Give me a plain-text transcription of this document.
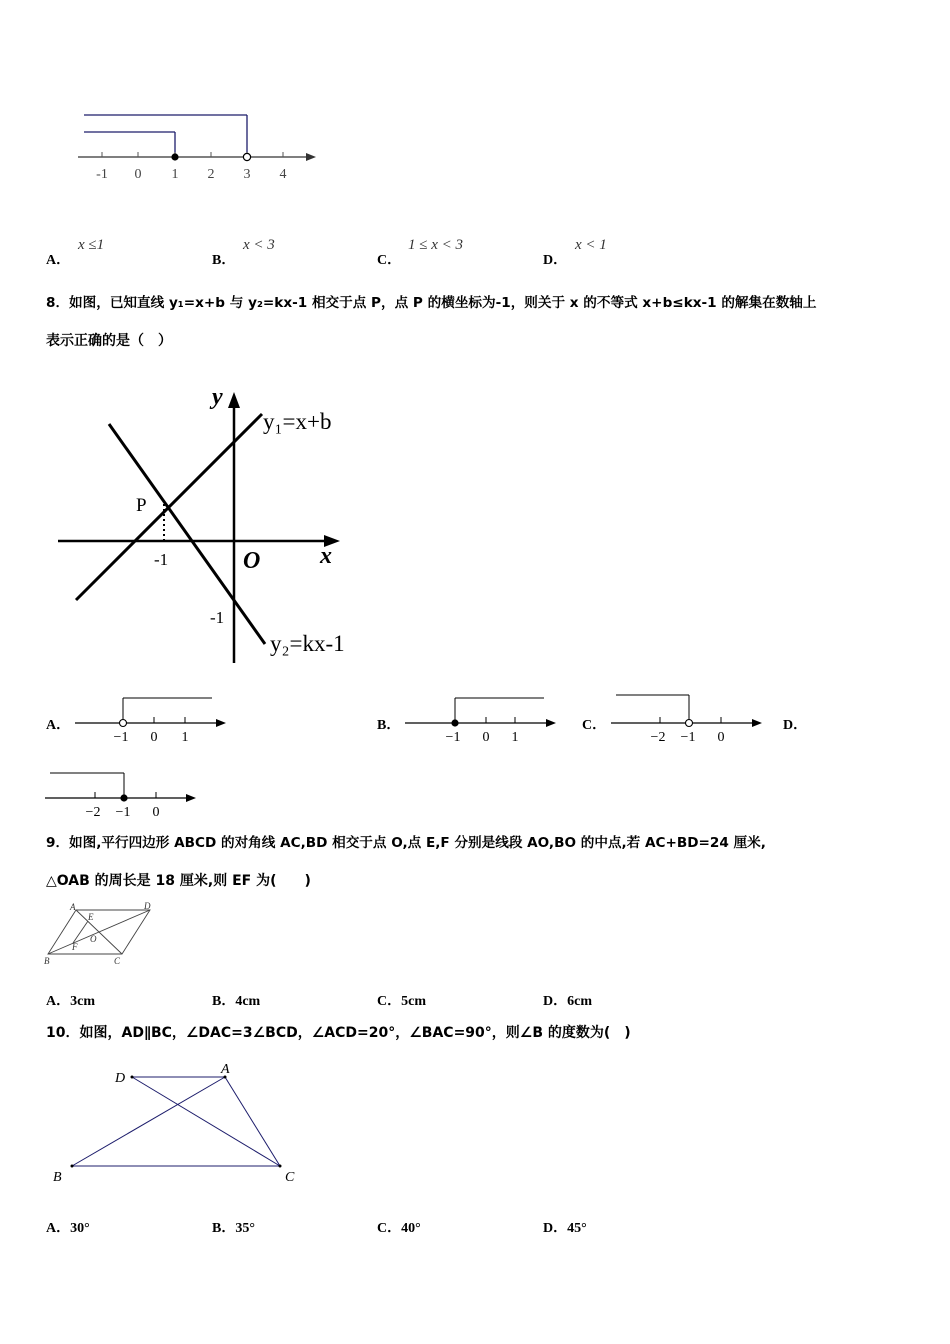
-1 0 1 2 3 4
A．
x ≤1
B．
x < 3
C．
1 ≤ x < 3
D．
x < 1
8．如图，已知直线 y₁=x+b 与 y₂=kx-1 相交于点 P，点 P 的横坐标为-1，则关于 x 的不等式 x+b≤kx-1 的解集在数轴上
表示正确的是（　）
y
x
O
y₁=x+b
y₂=kx-1
P
-1
-1
A．
−1 0 1
B．
−1 0 1
C．
−2 −1 0
D．
−2 −1 0
9．如图,平行四边形 ABCD 的对角线 AC,BD 相交于点 O,点 E,F 分别是线段 AO,BO 的中点,若 AC+BD=24 厘米,
△OAB 的周长是 18 厘米,则 EF 为(　　)
A	D
E
O
F
B	C
A．3cm	B．4cm	C．5cm	D．6cm
10．如图，AD∥BC，∠DAC=3∠BCD，∠ACD=20°，∠BAC=90°，则∠B 的度数为(　)
D
A
B	C
A．30°	B．35°	C．40°	D．45°
